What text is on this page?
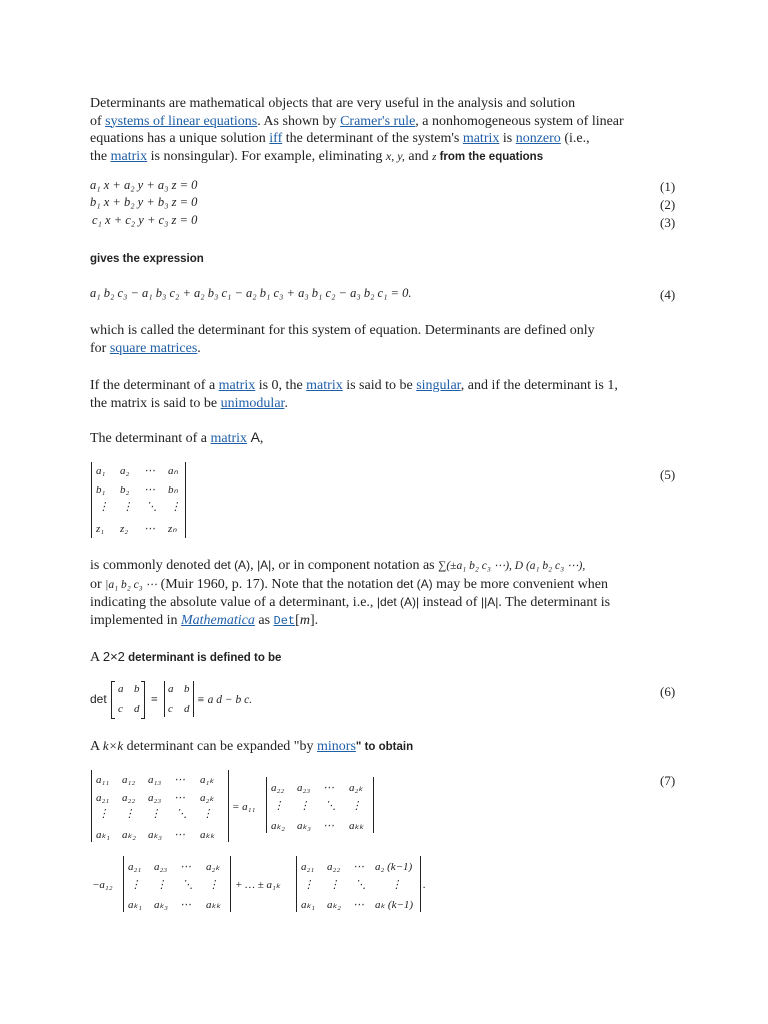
Determinants are mathematical objects that are very useful in the analysis and solution
of systems of linear equations. As shown by Cramer's rule, a nonhomogeneous system of linear
equations has a unique solution iff the determinant of the system's matrix is nonzero (i.e.,
the matrix is nonsingular). For example, eliminating x, y, and z from the equations
a₁ x + a₂ y + a₃ z = 0	(1)
b₁ x + b₂ y + b₃ z = 0	(2)
c₁ x + c₂ y + c₃ z = 0	(3)
gives the expression
a₁ b₂ c₃ − a₁ b₃ c₂ + a₂ b₃ c₁ − a₂ b₁ c₃ + a₃ b₁ c₂ − a₃ b₂ c₁ = 0.	(4)
which is called the determinant for this system of equation. Determinants are defined only
for square matrices.
If the determinant of a matrix is 0, the matrix is said to be singular, and if the determinant is 1,
the matrix is said to be unimodular.
The determinant of a matrix A,
a₁ a₂ ⋯ aₙ
b₁ b₂ ⋯ bₙ
⋮ ⋮ ⋱ ⋮
z₁ z₂ ⋯ zₙ
(5)
is commonly denoted det (A), |A|, or in component notation as ∑(±a₁ b₂ c₃ ⋯), D (a₁ b₂ c₃ ⋯),
or |a₁ b₂ c₃ ⋯ (Muir 1960, p. 17). Note that the notation det (A) may be more convenient when
indicating the absolute value of a determinant, i.e., |det (A)| instead of ||A|. The determinant is
implemented in Mathematica as Det[m].
A 2×2 determinant is defined to be
det
a b
c d
≡
a b
c d
≡ a d − b c.
(6)
A k×k determinant can be expanded "by minors" to obtain
a₁₁ a₁₂ a₁₃ ⋯ a₁ₖ
a₂₁ a₂₂ a₂₃ ⋯ a₂ₖ
⋮ ⋮ ⋮ ⋱ ⋮
aₖ₁ aₖ₂ aₖ₃ ⋯ aₖₖ
= a₁₁
a₂₂ a₂₃ ⋯ a₂ₖ
⋮ ⋮ ⋱ ⋮
aₖ₂ aₖ₃ ⋯ aₖₖ
−a₁₂
a₂₁ a₂₃ ⋯ a₂ₖ
⋮ ⋮ ⋱ ⋮
aₖ₁ aₖ₃ ⋯ aₖₖ
+ … ± a₁ₖ
a₂₁ a₂₂ ⋯ a₂ (k−1)
⋮ ⋮ ⋱ ⋮
aₖ₁ aₖ₂ ⋯ aₖ (k−1)
.
(7)
